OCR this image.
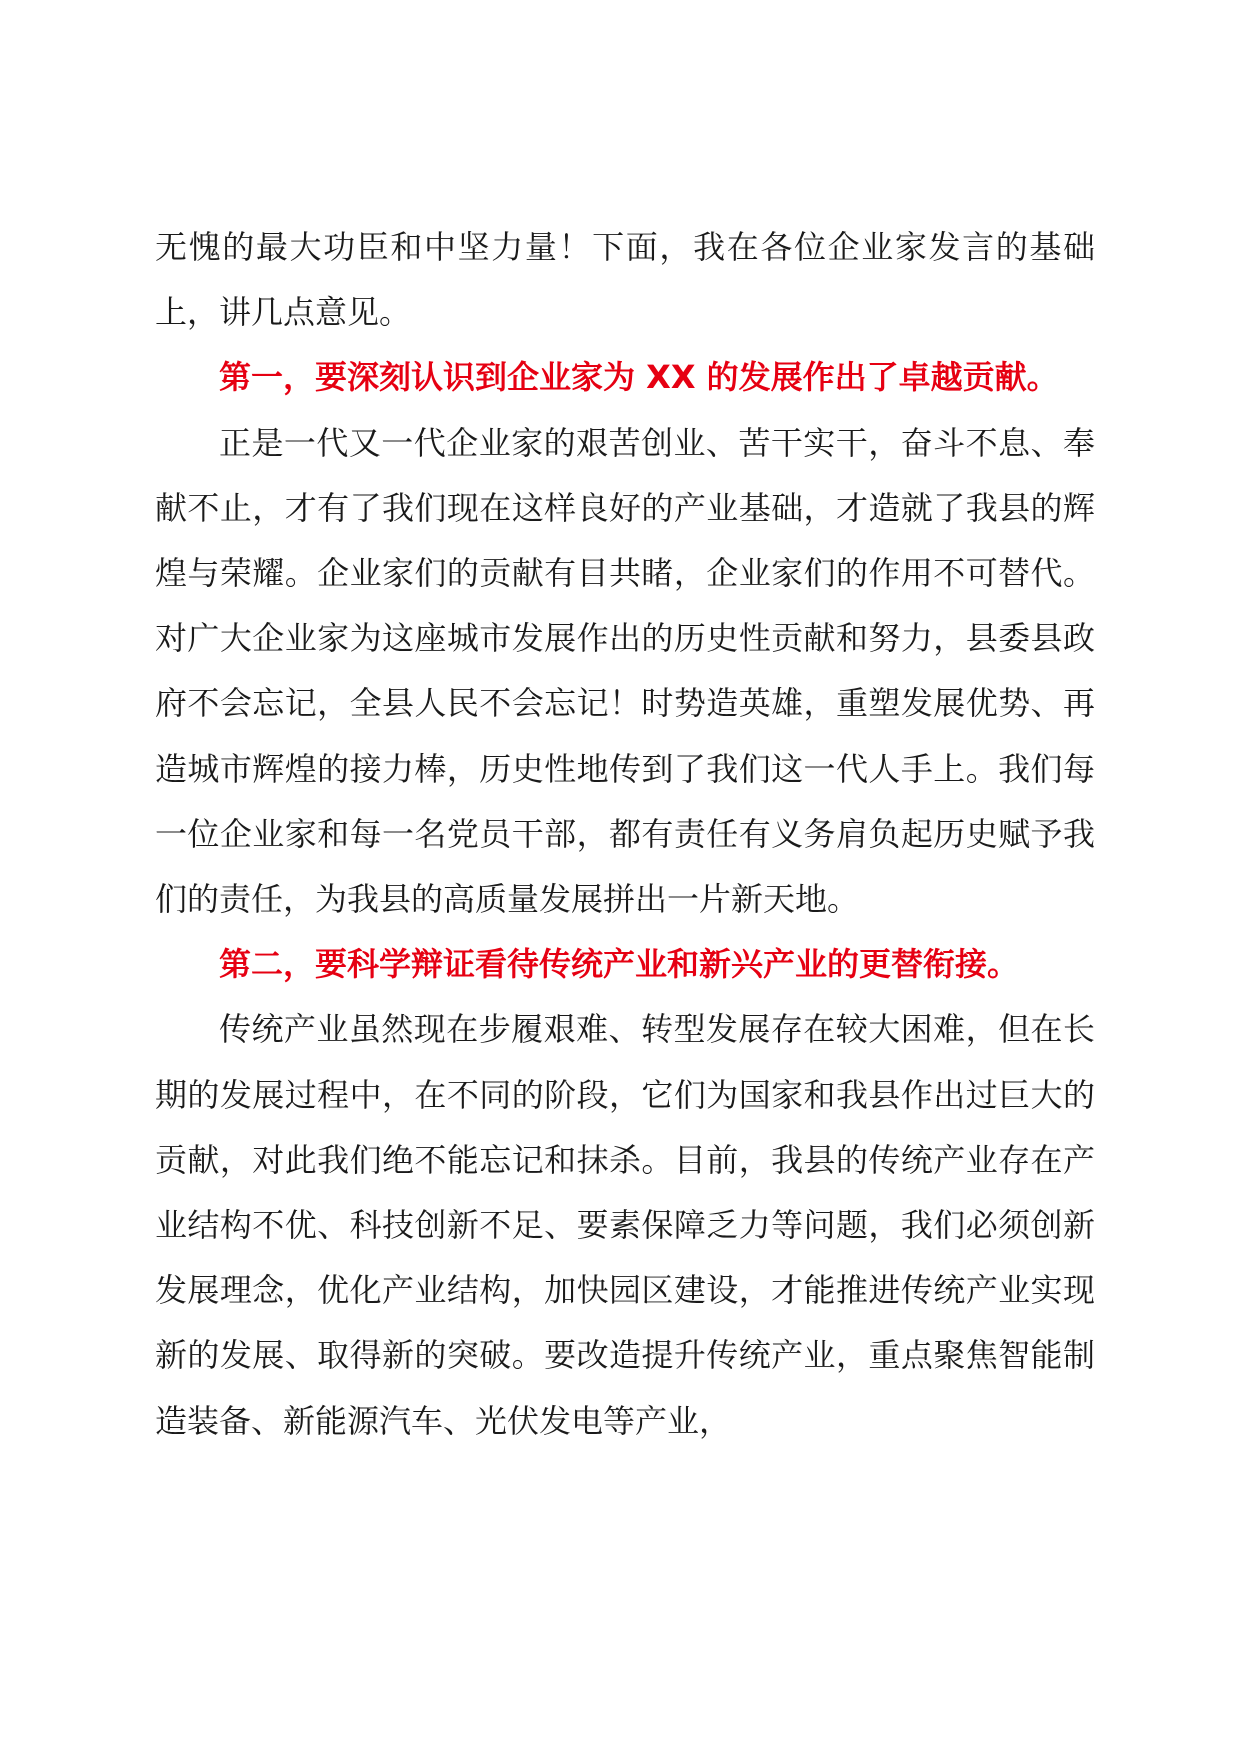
无愧的最大功臣和中坚力量！下面，我在各位企业家发言的基础上，讲几点意见。

第一，要深刻认识到企业家为 XX 的发展作出了卓越贡献。

正是一代又一代企业家的艰苦创业、苦干实干，奋斗不息、奉献不止，才有了我们现在这样良好的产业基础，才造就了我县的辉煌与荣耀。企业家们的贡献有目共睹，企业家们的作用不可替代。对广大企业家为这座城市发展作出的历史性贡献和努力，县委县政府不会忘记，全县人民不会忘记！时势造英雄，重塑发展优势、再造城市辉煌的接力棒，历史性地传到了我们这一代人手上。我们每一位企业家和每一名党员干部，都有责任有义务肩负起历史赋予我们的责任，为我县的高质量发展拼出一片新天地。

第二，要科学辩证看待传统产业和新兴产业的更替衔接。

传统产业虽然现在步履艰难、转型发展存在较大困难，但在长期的发展过程中，在不同的阶段，它们为国家和我县作出过巨大的贡献，对此我们绝不能忘记和抹杀。目前，我县的传统产业存在产业结构不优、科技创新不足、要素保障乏力等问题，我们必须创新发展理念，优化产业结构，加快园区建设，才能推进传统产业实现新的发展、取得新的突破。要改造提升传统产业，重点聚焦智能制造装备、新能源汽车、光伏发电等产业，
